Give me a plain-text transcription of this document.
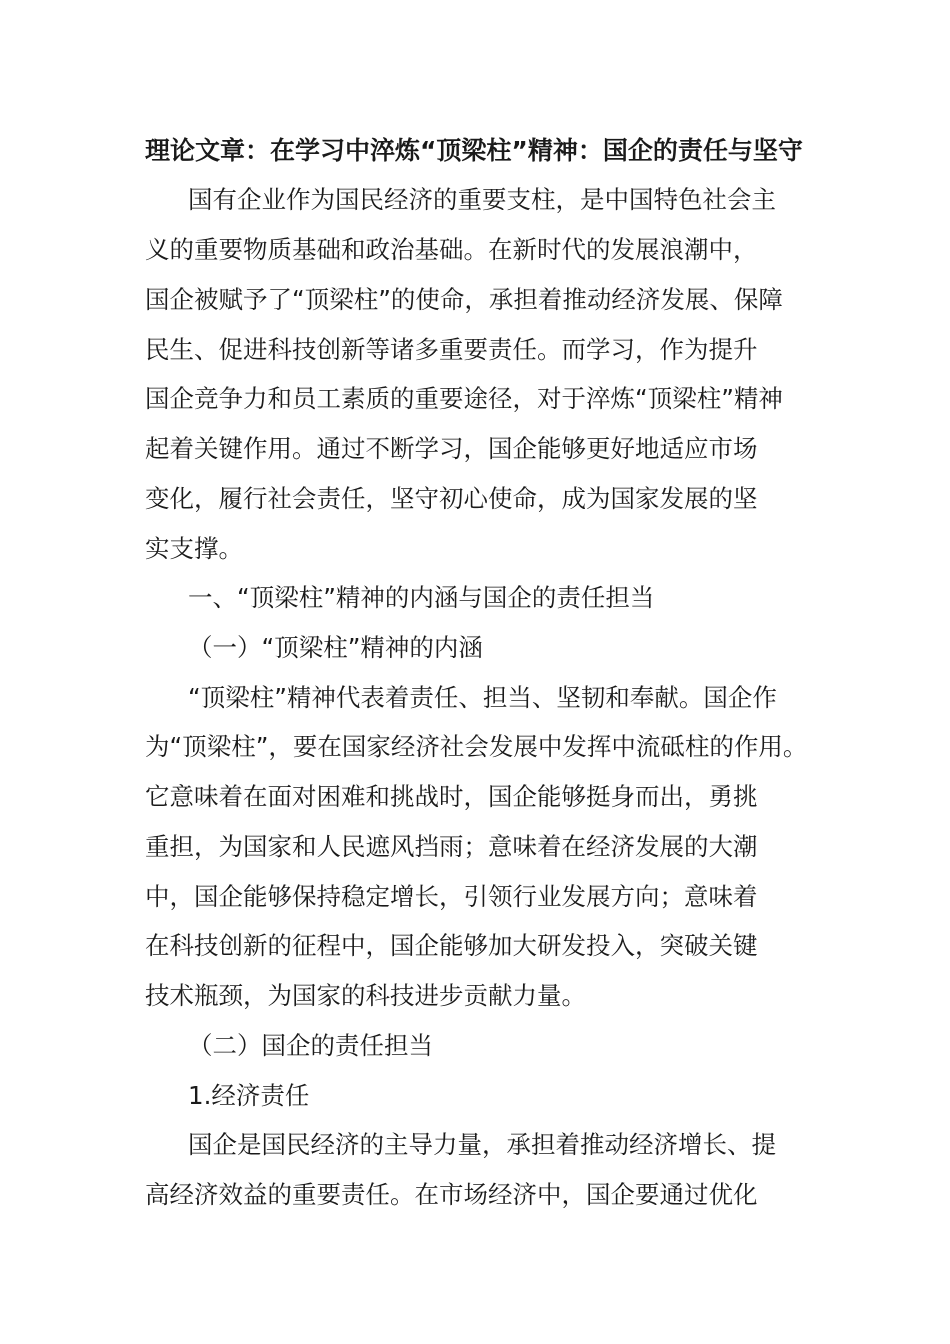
理论文章：在学习中淬炼“顶梁柱”精神：国企的责任与坚守
国有企业作为国民经济的重要支柱，是中国特色社会主
义的重要物质基础和政治基础。在新时代的发展浪潮中，
国企被赋予了“顶梁柱”的使命，承担着推动经济发展、保障
民生、促进科技创新等诸多重要责任。而学习，作为提升
国企竞争力和员工素质的重要途径，对于淬炼“顶梁柱”精神
起着关键作用。通过不断学习，国企能够更好地适应市场
变化，履行社会责任，坚守初心使命，成为国家发展的坚
实支撑。
一、“顶梁柱”精神的内涵与国企的责任担当
（一）“顶梁柱”精神的内涵
“顶梁柱”精神代表着责任、担当、坚韧和奉献。国企作
为“顶梁柱”，要在国家经济社会发展中发挥中流砥柱的作用。
它意味着在面对困难和挑战时，国企能够挺身而出，勇挑
重担，为国家和人民遮风挡雨；意味着在经济发展的大潮
中，国企能够保持稳定增长，引领行业发展方向；意味着
在科技创新的征程中，国企能够加大研发投入，突破关键
技术瓶颈，为国家的科技进步贡献力量。
（二）国企的责任担当
1.经济责任
国企是国民经济的主导力量，承担着推动经济增长、提
高经济效益的重要责任。在市场经济中，国企要通过优化
